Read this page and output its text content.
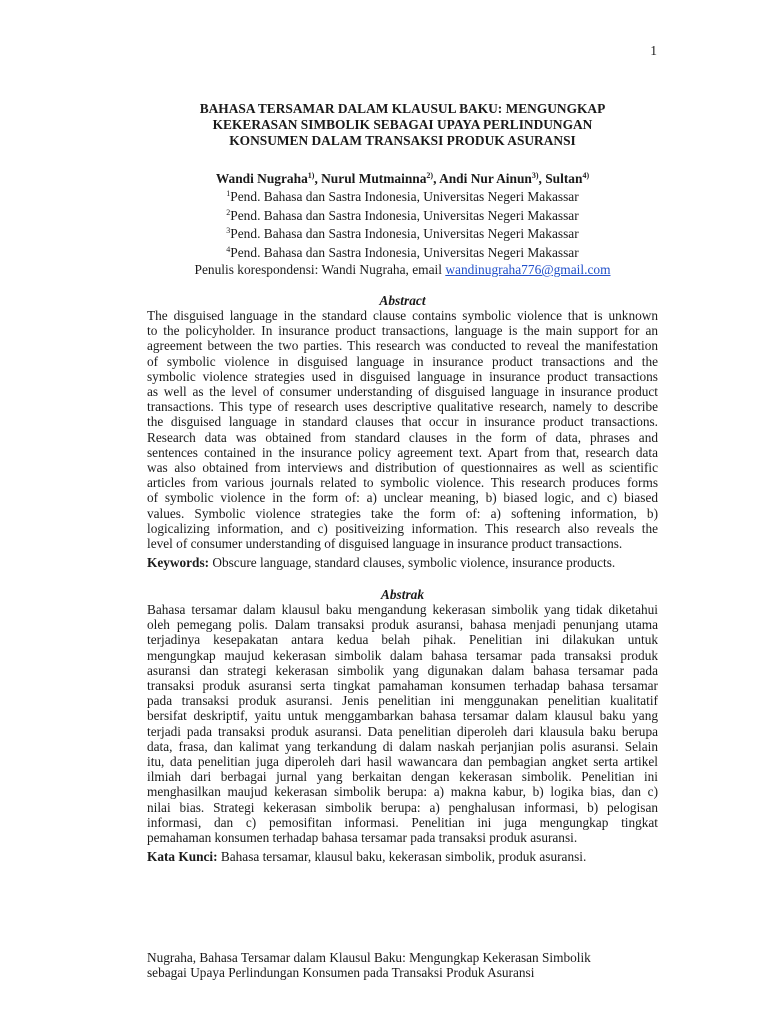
1
BAHASA TERSAMAR DALAM KLAUSUL BAKU: MENGUNGKAP
KEKERASAN SIMBOLIK SEBAGAI UPAYA PERLINDUNGAN
KONSUMEN DALAM TRANSAKSI PRODUK ASURANSI
Wandi Nugraha$^{1)}$, Nurul Mutmainna$^{2)}$, Andi Nur Ainun$^{3)}$, Sultan$^{4)}$
$^1$Pend. Bahasa dan Sastra Indonesia, Universitas Negeri Makassar
$^2$Pend. Bahasa dan Sastra Indonesia, Universitas Negeri Makassar
$^3$Pend. Bahasa dan Sastra Indonesia, Universitas Negeri Makassar
$^4$Pend. Bahasa dan Sastra Indonesia, Universitas Negeri Makassar
Penulis korespondensi: Wandi Nugraha, email wandinugraha776@gmail.com
Abstract
The disguised language in the standard clause contains symbolic violence that is unknown
to the policyholder. In insurance product transactions, language is the main support for an
agreement between the two parties. This research was conducted to reveal the manifestation
of symbolic violence in disguised language in insurance product transactions and the
symbolic violence strategies used in disguised language in insurance product transactions
as well as the level of consumer understanding of disguised language in insurance product
transactions. This type of research uses descriptive qualitative research, namely to describe
the disguised language in standard clauses that occur in insurance product transactions.
Research data was obtained from standard clauses in the form of data, phrases and
sentences contained in the insurance policy agreement text. Apart from that, research data
was also obtained from interviews and distribution of questionnaires as well as scientific
articles from various journals related to symbolic violence. This research produces forms
of symbolic violence in the form of: a) unclear meaning, b) biased logic, and c) biased
values. Symbolic violence strategies take the form of: a) softening information, b)
logicalizing information, and c) positiveizing information. This research also reveals the
level of consumer understanding of disguised language in insurance product transactions.
Keywords: Obscure language, standard clauses, symbolic violence, insurance products.
Abstrak
Bahasa tersamar dalam klausul baku mengandung kekerasan simbolik yang tidak diketahui
oleh pemegang polis. Dalam transaksi produk asuransi, bahasa menjadi penunjang utama
terjadinya kesepakatan antara kedua belah pihak. Penelitian ini dilakukan untuk
mengungkap maujud kekerasan simbolik dalam bahasa tersamar pada transaksi produk
asuransi dan strategi kekerasan simbolik yang digunakan dalam bahasa tersamar pada
transaksi produk asuransi serta tingkat pamahaman konsumen terhadap bahasa tersamar
pada transaksi produk asuransi. Jenis penelitian ini menggunakan penelitian kualitatif
bersifat deskriptif, yaitu untuk menggambarkan bahasa tersamar dalam klausul baku yang
terjadi pada transaksi produk asuransi. Data penelitian diperoleh dari klausula baku berupa
data, frasa, dan kalimat yang terkandung di dalam naskah perjanjian polis asuransi. Selain
itu, data penelitian juga diperoleh dari hasil wawancara dan pembagian angket serta artikel
ilmiah dari berbagai jurnal yang berkaitan dengan kekerasan simbolik. Penelitian ini
menghasilkan maujud kekerasan simbolik berupa: a) makna kabur, b) logika bias, dan c)
nilai bias. Strategi kekerasan simbolik berupa: a) penghalusan informasi, b) pelogisan
informasi, dan c) pemosifitan informasi. Penelitian ini juga mengungkap tingkat
pemahaman konsumen terhadap bahasa tersamar pada transaksi produk asuransi.
Kata Kunci: Bahasa tersamar, klausul baku, kekerasan simbolik, produk asuransi.
Nugraha, Bahasa Tersamar dalam Klausul Baku: Mengungkap Kekerasan Simbolik
sebagai Upaya Perlindungan Konsumen pada Transaksi Produk Asuransi
